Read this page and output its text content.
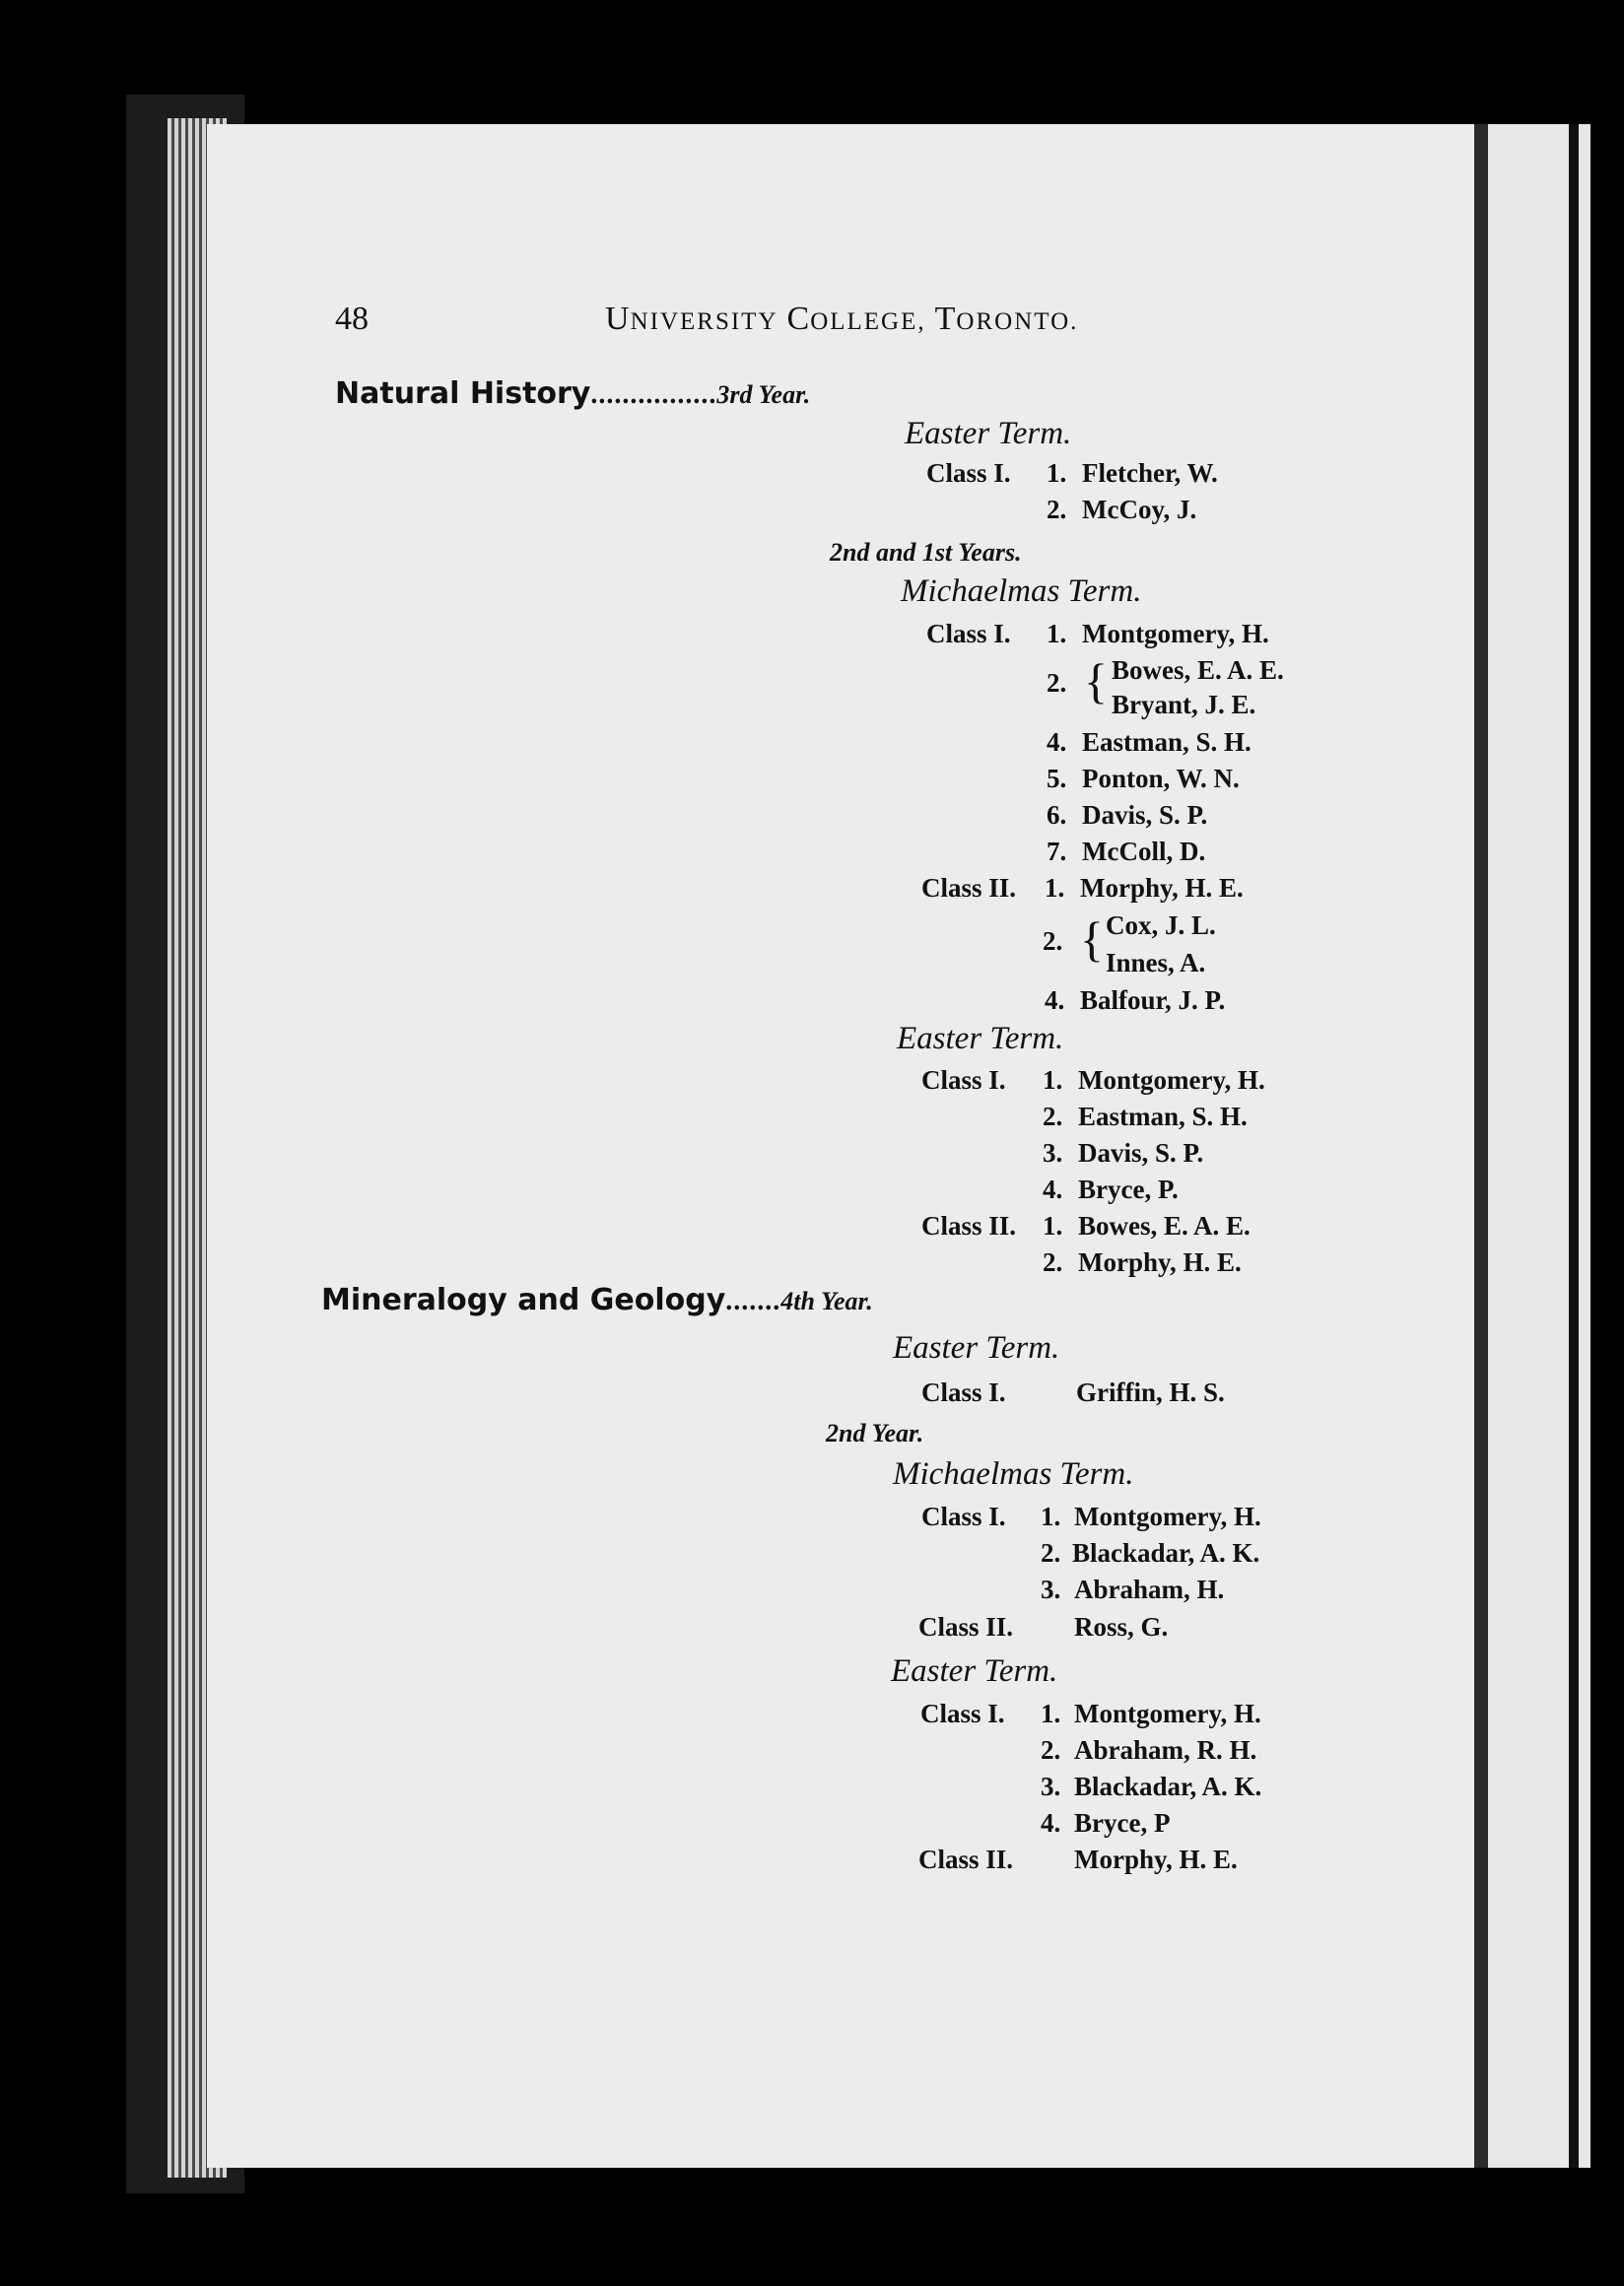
48	UNIVERSITY COLLEGE, TORONTO.
Natural History................3rd Year.
Easter Term.
Class I. 1. Fletcher, W.
2. McCoy, J.
2nd and 1st Years.
Michaelmas Term.
Class I. 1. Montgomery, H.
2. { Bowes, E. A. E.
Bryant, J. E.
4. Eastman, S. H.
5. Ponton, W. N.
6. Davis, S. P.
7. McColl, D.
Class II. 1. Morphy, H. E.
2. { Cox, J. L.
Innes, A.
4. Balfour, J. P.
Easter Term.
Class I. 1. Montgomery, H.
2. Eastman, S. H.
3. Davis, S. P.
4. Bryce, P.
Class II. 1. Bowes, E. A. E.
2. Morphy, H. E.
Mineralogy and Geology.......4th Year.
Easter Term.
Class I.	Griffin, H. S.
2nd Year.
Michaelmas Term.
Class I. 1. Montgomery, H.
2. Blackadar, A. K.
3. Abraham, H.
Class II. Ross, G.
Easter Term.
Class I. 1. Montgomery, H.
2. Abraham, R. H.
3. Blackadar, A. K.
4. Bryce, P
Class II. Morphy, H. E.
